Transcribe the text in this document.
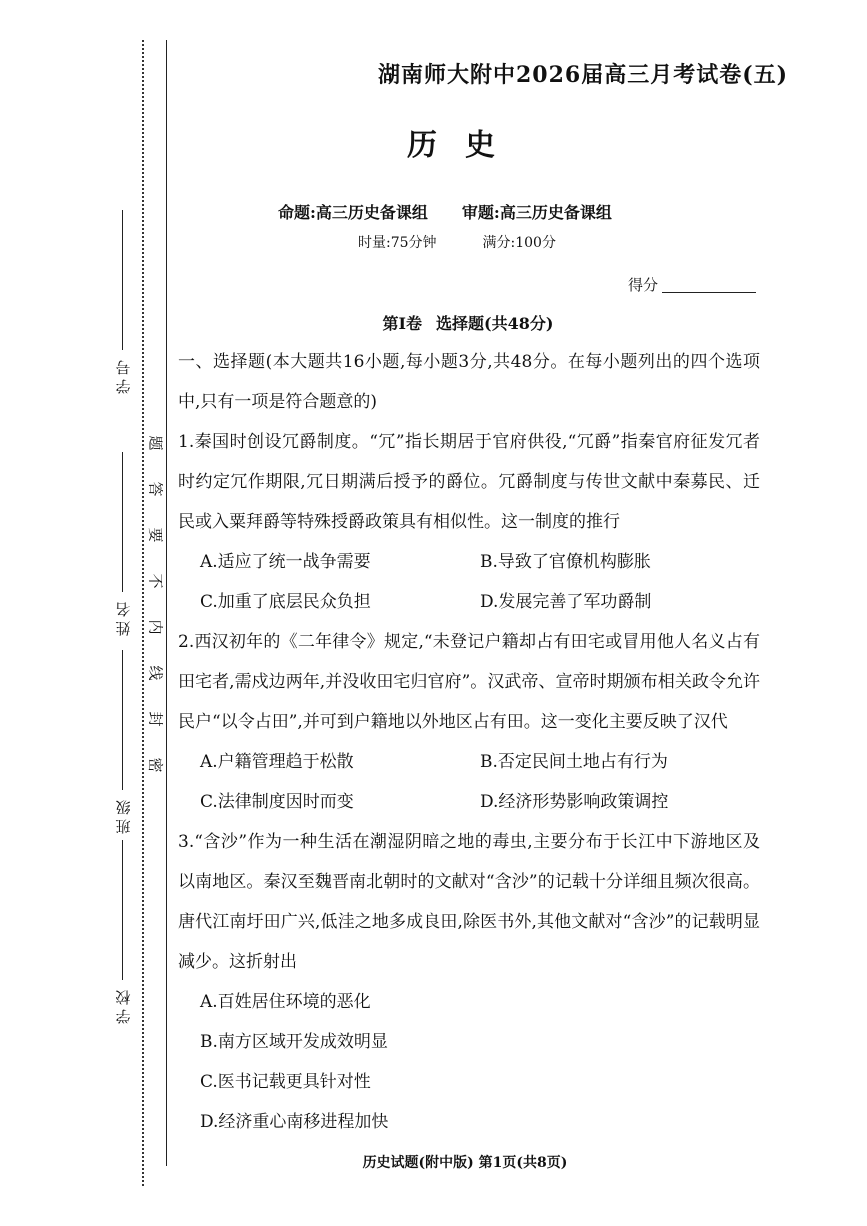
学号
姓名
班级
学校
题
答
要
不
内
线
封
密
湖南师大附中2026届高三月考试卷(五)
历史
命题:高三历史备课组 审题:高三历史备课组
时量:75分钟	满分:100分
得分
第Ⅰ卷 选择题(共48分)

一、选择题(本大题共16小题,每小题3分,共48分。在每小题列出的四个选项中,只有一项是符合题意的)

1.秦国时创设冗爵制度。“冗”指长期居于官府供役,“冗爵”指秦官府征发冗者时约定冗作期限,冗日期满后授予的爵位。冗爵制度与传世文献中秦募民、迁民或入粟拜爵等特殊授爵政策具有相似性。这一制度的推行

A.适应了统一战争需要	B.导致了官僚机构膨胀
C.加重了底层民众负担	D.发展完善了军功爵制

2.西汉初年的《二年律令》规定,“未登记户籍却占有田宅或冒用他人名义占有田宅者,需戍边两年,并没收田宅归官府”。汉武帝、宣帝时期颁布相关政令允许民户“以令占田”,并可到户籍地以外地区占有田。这一变化主要反映了汉代

A.户籍管理趋于松散	B.否定民间土地占有行为
C.法律制度因时而变	D.经济形势影响政策调控

3.“含沙”作为一种生活在潮湿阴暗之地的毒虫,主要分布于长江中下游地区及以南地区。秦汉至魏晋南北朝时的文献对“含沙”的记载十分详细且频次很高。唐代江南圩田广兴,低洼之地多成良田,除医书外,其他文献对“含沙”的记载明显减少。这折射出

A.百姓居住环境的恶化
B.南方区域开发成效明显
C.医书记载更具针对性
D.经济重心南移进程加快
历史试题(附中版) 第1页(共8页)
